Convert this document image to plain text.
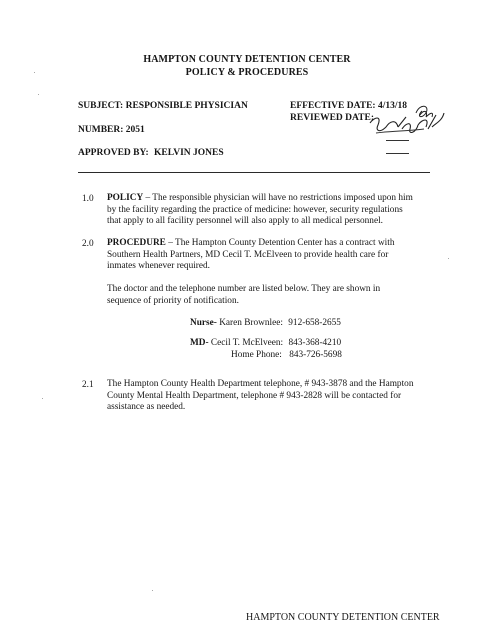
HAMPTON COUNTY DETENTION CENTER
POLICY & PROCEDURES
SUBJECT: RESPONSIBLE PHYSICIAN
NUMBER: 2051
APPROVED BY: KELVIN JONES
EFFECTIVE DATE: 4/13/18
REVIEWED DATE:
1.0 POLICY – The responsible physician will have no restrictions imposed upon him
by the facility regarding the practice of medicine: however, security regulations
that apply to all facility personnel will also apply to all medical personnel.
2.0 PROCEDURE – The Hampton County Detention Center has a contract with
Southern Health Partners, MD Cecil T. McElveen to provide health care for
inmates whenever required.
The doctor and the telephone number are listed below. They are shown in
sequence of priority of notification.
Nurse- Karen Brownlee: 912-658-2655
MD- Cecil T. McElveen: 843-368-4210
Home Phone: 843-726-5698
2.1 The Hampton County Health Department telephone, # 943-3878 and the Hampton
County Mental Health Department, telephone # 943-2828 will be contacted for
assistance as needed.
HAMPTON COUNTY DETENTION CENTER
